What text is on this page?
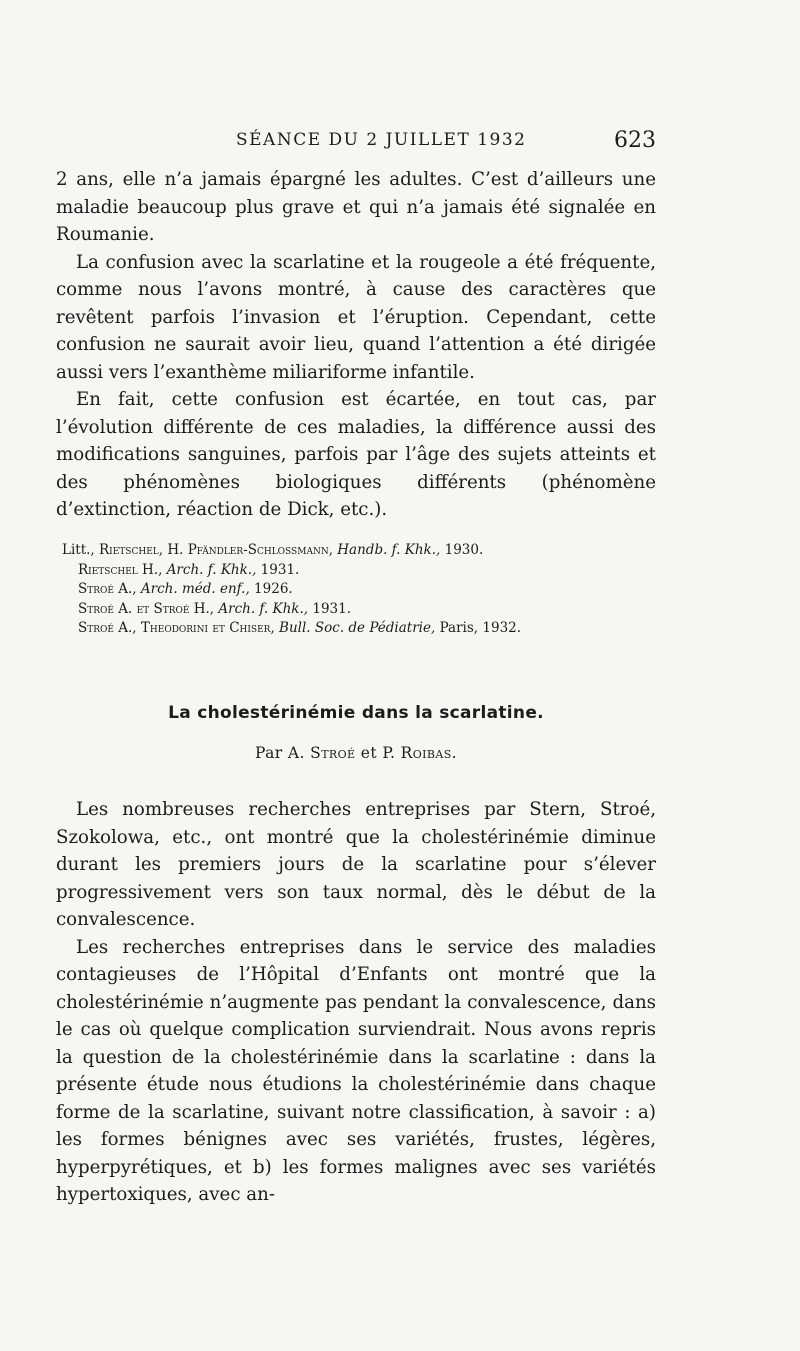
SÉANCE DU 2 JUILLET 1932	623

2 ans, elle n’a jamais épargné les adultes. C’est d’ailleurs une maladie beaucoup plus grave et qui n’a jamais été signalée en Roumanie.

La confusion avec la scarlatine et la rougeole a été fréquente, comme nous l’avons montré, à cause des caractères que revêtent parfois l’invasion et l’éruption. Cependant, cette confusion ne saurait avoir lieu, quand l’attention a été dirigée aussi vers l’exanthème miliariforme infantile.

En fait, cette confusion est écartée, en tout cas, par l’évolution différente de ces maladies, la différence aussi des modifications sanguines, parfois par l’âge des sujets atteints et des phénomènes biologiques différents (phénomène d’extinction, réaction de Dick, etc.).

Litt., Rietschel, H. Pfändler-Schlossmann, Handb. f. Khk., 1930.
Rietschel H., Arch. f. Khk., 1931.
Stroé A., Arch. méd. enf., 1926.
Stroé A. et Stroé H., Arch. f. Khk., 1931.
Stroé A., Theodorini et Chiser, Bull. Soc. de Pédiatrie, Paris, 1932.
La cholestérinémie dans la scarlatine.
Par A. Stroé et P. Roibas.

Les nombreuses recherches entreprises par Stern, Stroé, Szokolowa, etc., ont montré que la cholestérinémie diminue durant les premiers jours de la scarlatine pour s’élever progressivement vers son taux normal, dès le début de la convalescence.

Les recherches entreprises dans le service des maladies contagieuses de l’Hôpital d’Enfants ont montré que la cholestérinémie n’augmente pas pendant la convalescence, dans le cas où quelque complication surviendrait. Nous avons repris la question de la cholestérinémie dans la scarlatine : dans la présente étude nous étudions la cholestérinémie dans chaque forme de la scarlatine, suivant notre classification, à savoir : a) les formes bénignes avec ses variétés, frustes, légères, hyperpyrétiques, et b) les formes malignes avec ses variétés hypertoxiques, avec an-
